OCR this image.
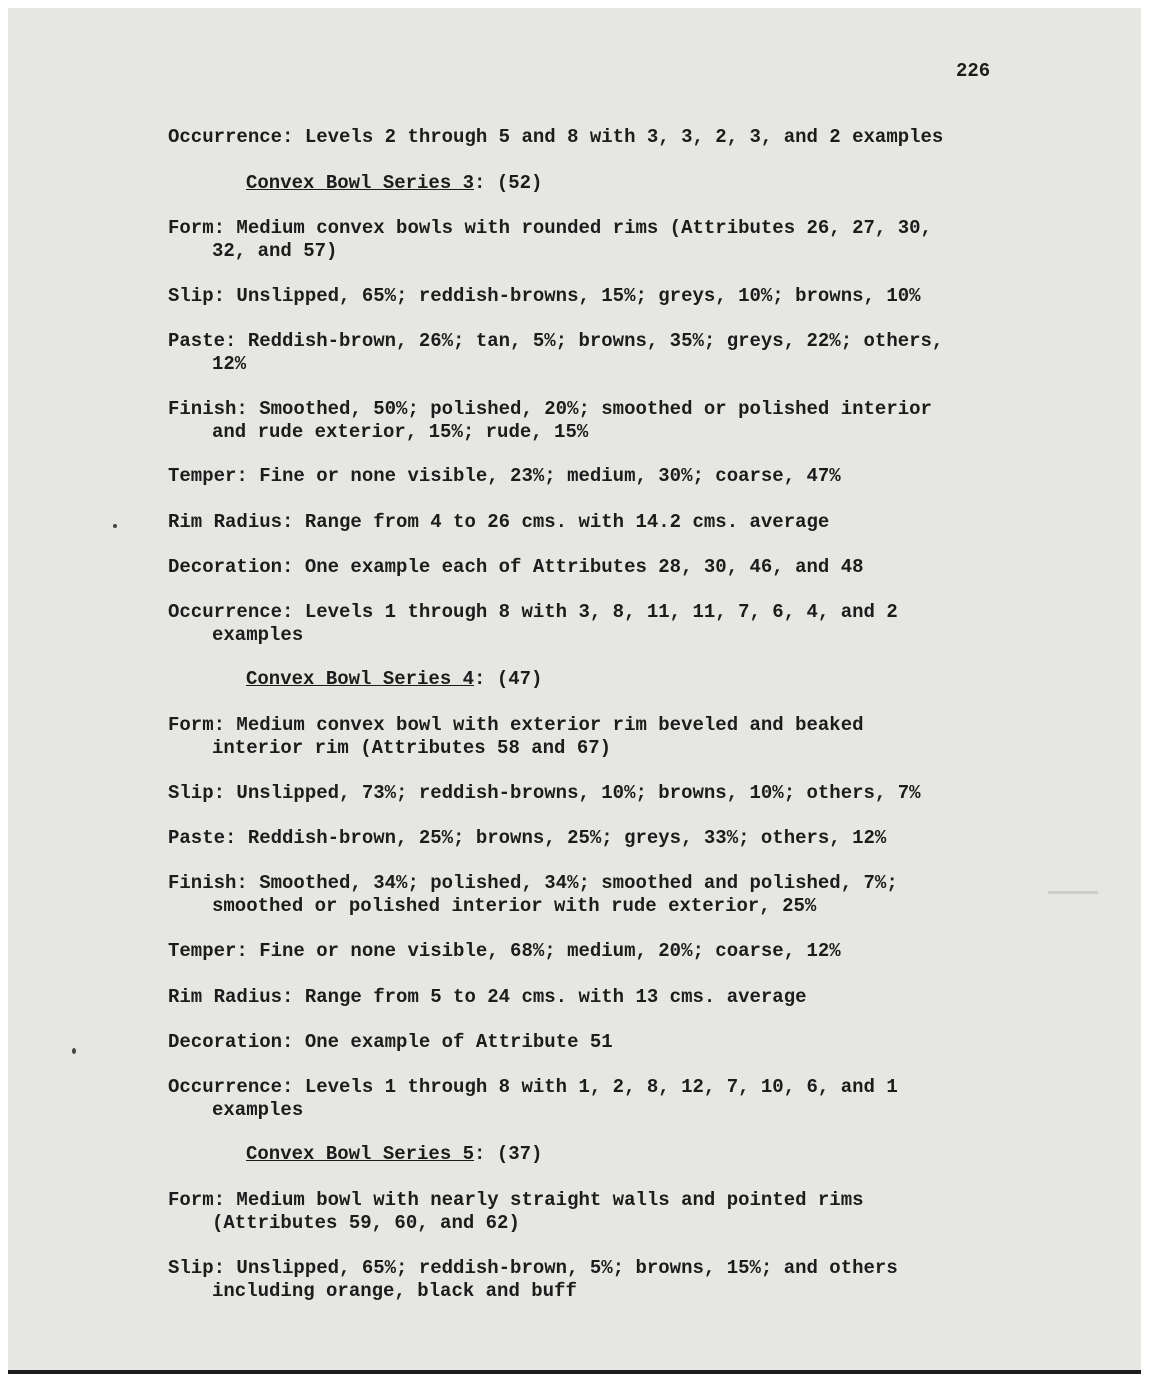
226
Occurrence: Levels 2 through 5 and 8 with 3, 3, 2, 3, and 2 examples
Convex Bowl Series 3: (52)
Form: Medium convex bowls with rounded rims (Attributes 26, 27, 30,
32, and 57)
Slip: Unslipped, 65%; reddish-browns, 15%; greys, 10%; browns, 10%
Paste: Reddish-brown, 26%; tan, 5%; browns, 35%; greys, 22%; others,
12%
Finish: Smoothed, 50%; polished, 20%; smoothed or polished interior
and rude exterior, 15%; rude, 15%
Temper: Fine or none visible, 23%; medium, 30%; coarse, 47%
Rim Radius: Range from 4 to 26 cms. with 14.2 cms. average
Decoration: One example each of Attributes 28, 30, 46, and 48
Occurrence: Levels 1 through 8 with 3, 8, 11, 11, 7, 6, 4, and 2
examples
Convex Bowl Series 4: (47)
Form: Medium convex bowl with exterior rim beveled and beaked
interior rim (Attributes 58 and 67)
Slip: Unslipped, 73%; reddish-browns, 10%; browns, 10%; others, 7%
Paste: Reddish-brown, 25%; browns, 25%; greys, 33%; others, 12%
Finish: Smoothed, 34%; polished, 34%; smoothed and polished, 7%;
smoothed or polished interior with rude exterior, 25%
Temper: Fine or none visible, 68%; medium, 20%; coarse, 12%
Rim Radius: Range from 5 to 24 cms. with 13 cms. average
Decoration: One example of Attribute 51
Occurrence: Levels 1 through 8 with 1, 2, 8, 12, 7, 10, 6, and 1
examples
Convex Bowl Series 5: (37)
Form: Medium bowl with nearly straight walls and pointed rims
(Attributes 59, 60, and 62)
Slip: Unslipped, 65%; reddish-brown, 5%; browns, 15%; and others
including orange, black and buff
